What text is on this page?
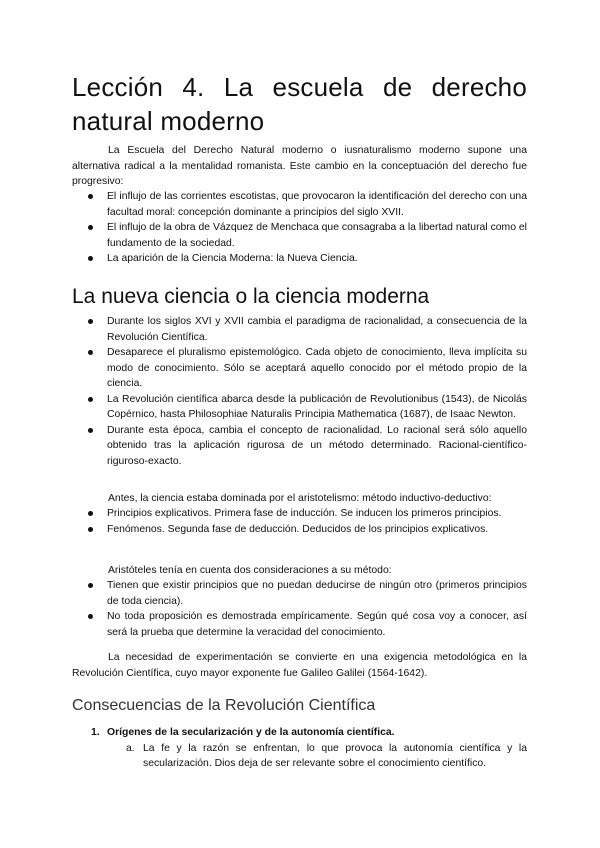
Lección 4. La escuela de derecho natural moderno

La Escuela del Derecho Natural moderno o iusnaturalismo moderno supone una alternativa radical a la mentalidad romanista. Este cambio en la conceptuación del derecho fue progresivo:

El influjo de las corrientes escotistas, que provocaron la identificación del derecho con una facultad moral: concepción dominante a principios del siglo XVII.
El influjo de la obra de Vázquez de Menchaca que consagraba a la libertad natural como el fundamento de la sociedad.
La aparición de la Ciencia Moderna: la Nueva Ciencia.
La nueva ciencia o la ciencia moderna
Durante los siglos XVI y XVII cambia el paradigma de racionalidad, a consecuencia de la Revolución Científica.
Desaparece el pluralismo epistemológico. Cada objeto de conocimiento, lleva implícita su modo de conocimiento. Sólo se aceptará aquello conocido por el método propio de la ciencia.
La Revolución científica abarca desde la publicación de Revolutionibus (1543), de Nicolás Copérnico, hasta Philosophiae Naturalis Principia Mathematica (1687), de Isaac Newton.
Durante esta época, cambia el concepto de racionalidad. Lo racional será sólo aquello obtenido tras la aplicación rigurosa de un método determinado. Racional-científico-riguroso-exacto.

Antes, la ciencia estaba dominada por el aristotelismo: método inductivo-deductivo:

Principios explicativos. Primera fase de inducción. Se inducen los primeros principios.
Fenómenos. Segunda fase de deducción. Deducidos de los principios explicativos.

Aristóteles tenía en cuenta dos consideraciones a su método:

Tienen que existir principios que no puedan deducirse de ningún otro (primeros principios de toda ciencia).
No toda proposición es demostrada empíricamente. Según qué cosa voy a conocer, así será la prueba que determine la veracidad del conocimiento.

La necesidad de experimentación se convierte en una exigencia metodológica en la Revolución Científica, cuyo mayor exponente fue Galileo Galilei (1564-1642).

Consecuencias de la Revolución Científica
1. Orígenes de la secularización y de la autonomía científica.
a. La fe y la razón se enfrentan, lo que provoca la autonomía científica y la secularización. Dios deja de ser relevante sobre el conocimiento científico.
